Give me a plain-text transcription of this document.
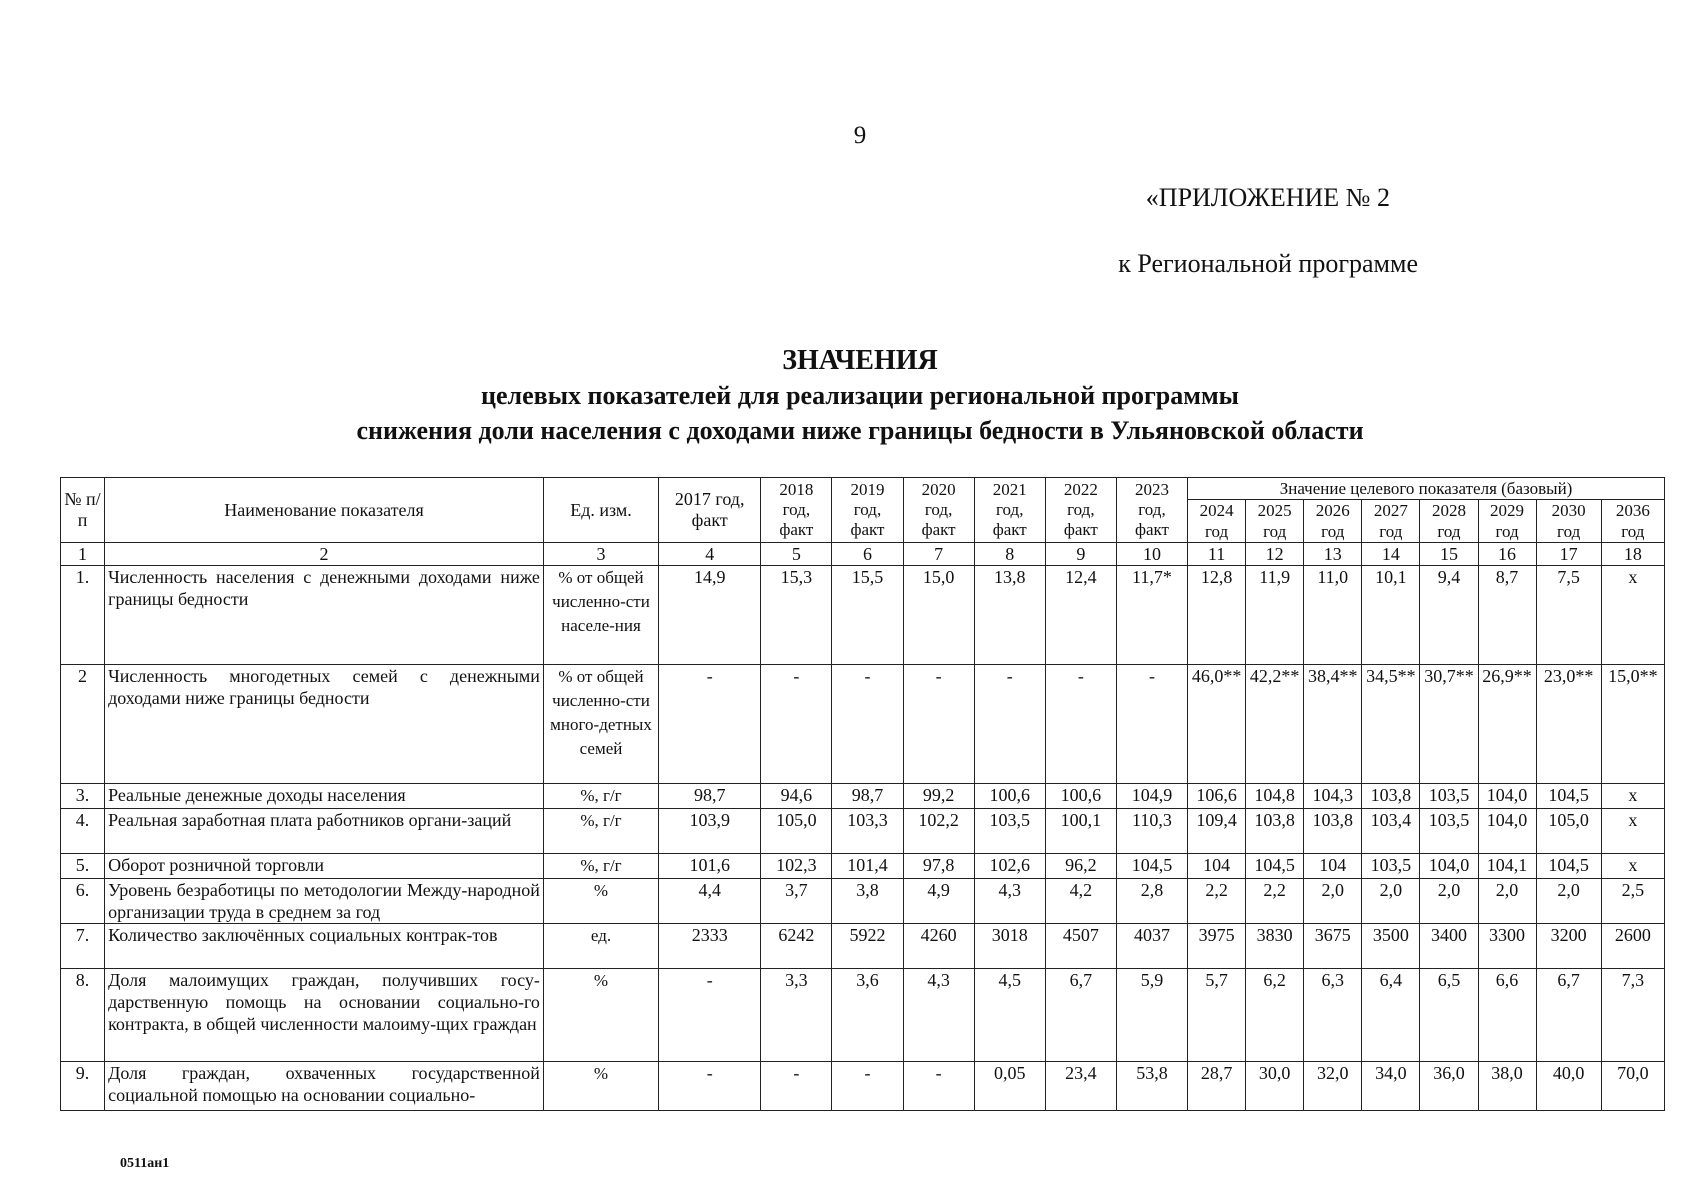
9
«ПРИЛОЖЕНИЕ № 2
к Региональной программе
ЗНАЧЕНИЯ
целевых показателей для реализации региональной программы
снижения доли населения с доходами ниже границы бедности в Ульяновской области
№ п/п	Наименование показателя	Ед. изм.	2017 год, факт	2018 год, факт	2019 год, факт	2020 год, факт	2021 год, факт	2022 год, факт	2023 год, факт	Значение целевого показателя (базовый)							
										2024 год	2025 год	2026 год	2027 год	2028 год	2029 год	2030 год	2036 год
1	2	3	4	5	6	7	8	9	10	11	12	13	14	15	16	17	18
1.	Численность населения с денежными доходами ниже границы бедности	% от общей численно-сти населе-ния	14,9	15,3	15,5	15,0	13,8	12,4	11,7*	12,8	11,9	11,0	10,1	9,4	8,7	7,5	х
2	Численность многодетных семей с денежными доходами ниже границы бедности	% от общей численно-сти много-детных семей	-	-	-	-	-	-	-	46,0**	42,2**	38,4**	34,5**	30,7**	26,9**	23,0**	15,0**
3.	Реальные денежные доходы населения	%, г/г	98,7	94,6	98,7	99,2	100,6	100,6	104,9	106,6	104,8	104,3	103,8	103,5	104,0	104,5	х
4.	Реальная заработная плата работников органи-заций	%, г/г	103,9	105,0	103,3	102,2	103,5	100,1	110,3	109,4	103,8	103,8	103,4	103,5	104,0	105,0	х
5.	Оборот розничной торговли	%, г/г	101,6	102,3	101,4	97,8	102,6	96,2	104,5	104	104,5	104	103,5	104,0	104,1	104,5	х
6.	Уровень безработицы по методологии Между-народной организации труда в среднем за год	%	4,4	3,7	3,8	4,9	4,3	4,2	2,8	2,2	2,2	2,0	2,0	2,0	2,0	2,0	2,5
7.	Количество заключённых социальных контрак-тов	ед.	2333	6242	5922	4260	3018	4507	4037	3975	3830	3675	3500	3400	3300	3200	2600
8.	Доля малоимущих граждан, получивших госу-дарственную помощь на основании социально-го контракта, в общей численности малоиму-щих граждан	%	-	3,3	3,6	4,3	4,5	6,7	5,9	5,7	6,2	6,3	6,4	6,5	6,6	6,7	7,3
9.	Доля граждан, охваченных государственной социальной помощью на основании социально-	%	-	-	-	-	0,05	23,4	53,8	28,7	30,0	32,0	34,0	36,0	38,0	40,0	70,0
0511ан1
